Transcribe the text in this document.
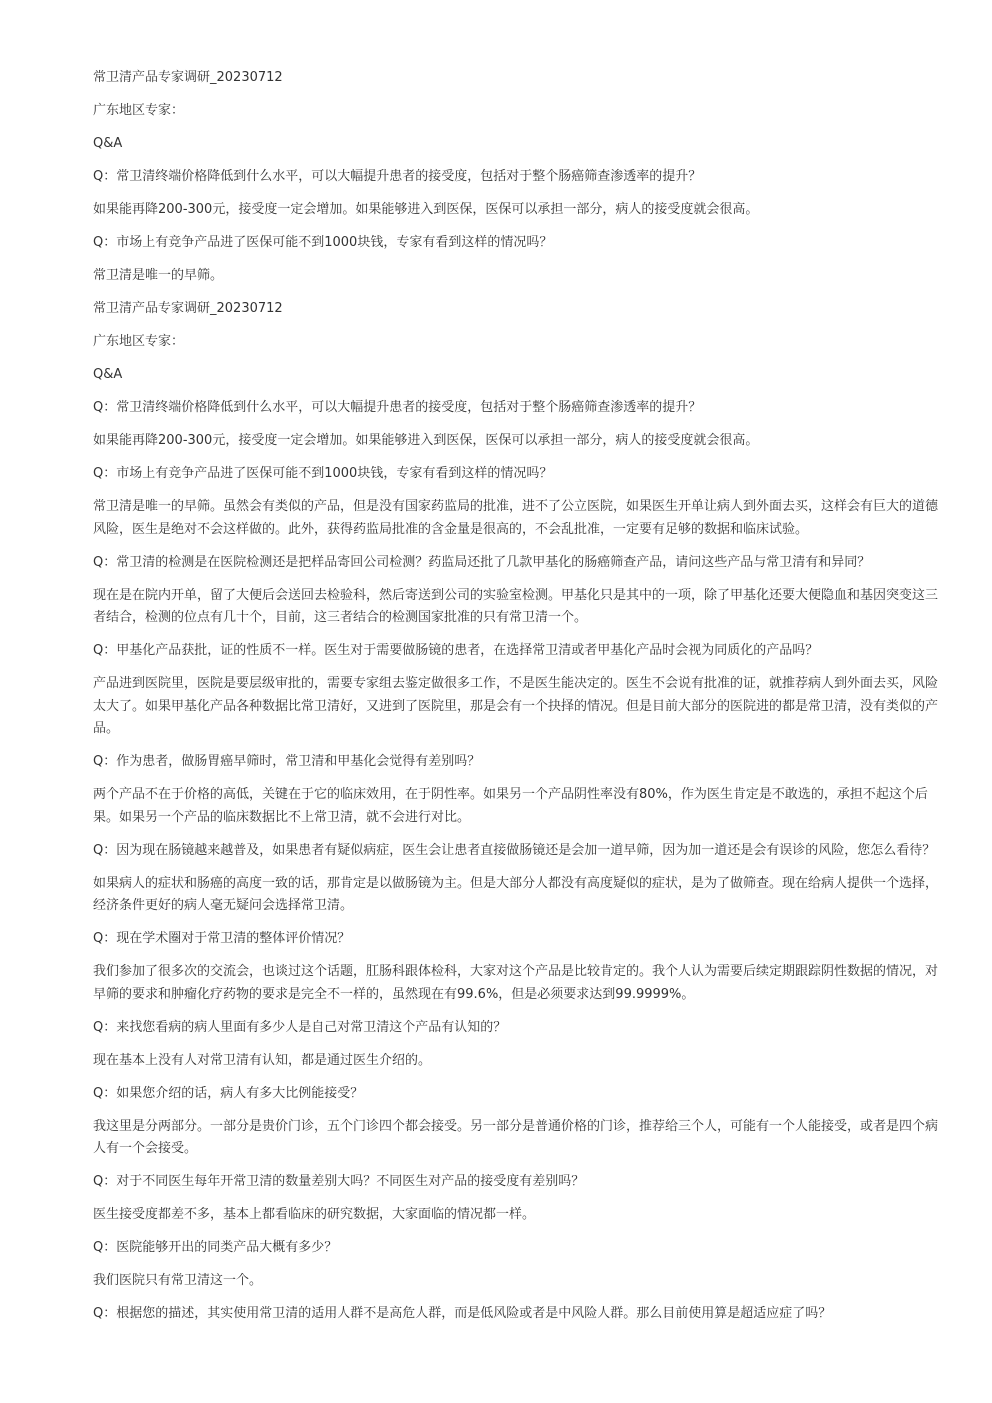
常卫清产品专家调研_20230712

广东地区专家：

Q&A

Q：常卫清终端价格降低到什么水平，可以大幅提升患者的接受度，包括对于整个肠癌筛查渗透率的提升？

如果能再降200-300元，接受度一定会增加。如果能够进入到医保，医保可以承担一部分，病人的接受度就会很高。

Q：市场上有竞争产品进了医保可能不到1000块钱，专家有看到这样的情况吗？

常卫清是唯一的早筛。

常卫清产品专家调研_20230712

广东地区专家：

Q&A

Q：常卫清终端价格降低到什么水平，可以大幅提升患者的接受度，包括对于整个肠癌筛查渗透率的提升？

如果能再降200-300元，接受度一定会增加。如果能够进入到医保，医保可以承担一部分，病人的接受度就会很高。

Q：市场上有竞争产品进了医保可能不到1000块钱，专家有看到这样的情况吗？

常卫清是唯一的早筛。虽然会有类似的产品，但是没有国家药监局的批准，进不了公立医院，如果医生开单让病人到外面去买，这样会有巨大的道德风险，医生是绝对不会这样做的。此外，获得药监局批准的含金量是很高的，不会乱批准，一定要有足够的数据和临床试验。

Q：常卫清的检测是在医院检测还是把样品寄回公司检测？药监局还批了几款甲基化的肠癌筛查产品，请问这些产品与常卫清有和异同？

现在是在院内开单，留了大便后会送回去检验科，然后寄送到公司的实验室检测。甲基化只是其中的一项，除了甲基化还要大便隐血和基因突变这三者结合，检测的位点有几十个，目前，这三者结合的检测国家批准的只有常卫清一个。

Q：甲基化产品获批，证的性质不一样。医生对于需要做肠镜的患者，在选择常卫清或者甲基化产品时会视为同质化的产品吗？

产品进到医院里，医院是要层级审批的，需要专家组去鉴定做很多工作，不是医生能决定的。医生不会说有批准的证，就推荐病人到外面去买，风险太大了。如果甲基化产品各种数据比常卫清好，又进到了医院里，那是会有一个抉择的情况。但是目前大部分的医院进的都是常卫清，没有类似的产品。

Q：作为患者，做肠胃癌早筛时，常卫清和甲基化会觉得有差别吗？

两个产品不在于价格的高低，关键在于它的临床效用，在于阴性率。如果另一个产品阴性率没有80%，作为医生肯定是不敢选的，承担不起这个后果。如果另一个产品的临床数据比不上常卫清，就不会进行对比。

Q：因为现在肠镜越来越普及，如果患者有疑似病症，医生会让患者直接做肠镜还是会加一道早筛，因为加一道还是会有误诊的风险，您怎么看待？

如果病人的症状和肠癌的高度一致的话，那肯定是以做肠镜为主。但是大部分人都没有高度疑似的症状，是为了做筛查。现在给病人提供一个选择，经济条件更好的病人毫无疑问会选择常卫清。

Q：现在学术圈对于常卫清的整体评价情况？

我们参加了很多次的交流会，也谈过这个话题，肛肠科跟体检科，大家对这个产品是比较肯定的。我个人认为需要后续定期跟踪阴性数据的情况，对早筛的要求和肿瘤化疗药物的要求是完全不一样的，虽然现在有99.6%，但是必须要求达到99.9999%。

Q：来找您看病的病人里面有多少人是自己对常卫清这个产品有认知的？

现在基本上没有人对常卫清有认知，都是通过医生介绍的。

Q：如果您介绍的话，病人有多大比例能接受？

我这里是分两部分。一部分是贵价门诊，五个门诊四个都会接受。另一部分是普通价格的门诊，推荐给三个人，可能有一个人能接受，或者是四个病人有一个会接受。

Q：对于不同医生每年开常卫清的数量差别大吗？不同医生对产品的接受度有差别吗？

医生接受度都差不多，基本上都看临床的研究数据，大家面临的情况都一样。

Q：医院能够开出的同类产品大概有多少？

我们医院只有常卫清这一个。

Q：根据您的描述，其实使用常卫清的适用人群不是高危人群，而是低风险或者是中风险人群。那么目前使用算是超适应症了吗？
